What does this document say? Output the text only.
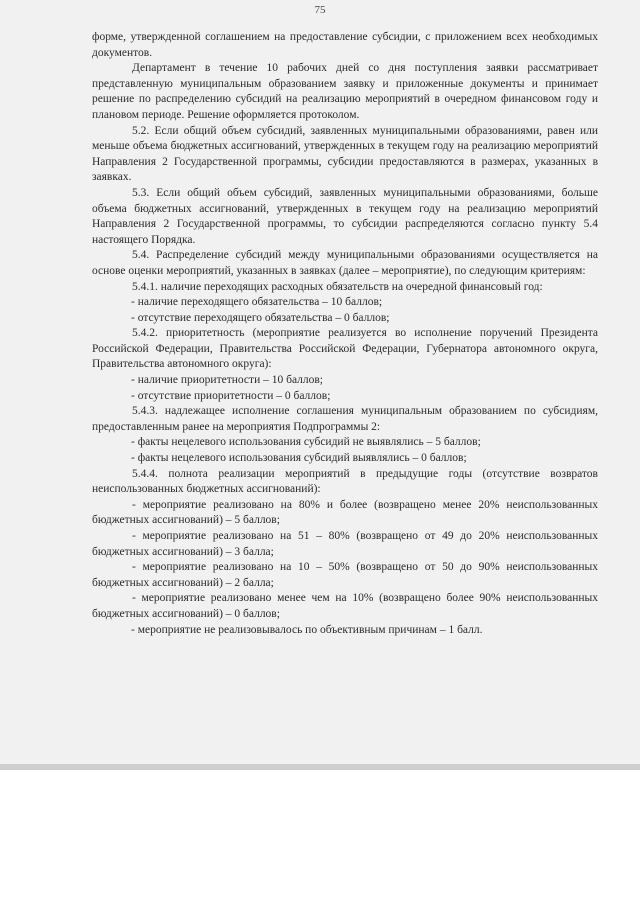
75

форме, утвержденной соглашением на предоставление субсидии, с приложением всех необходимых документов.

Департамент в течение 10 рабочих дней со дня поступления заявки рассматривает представленную муниципальным образованием заявку и приложенные документы и принимает решение по распределению субсидий на реализацию мероприятий в очередном финансовом году и плановом периоде. Решение оформляется протоколом.

5.2. Если общий объем субсидий, заявленных муниципальными образованиями, равен или меньше объема бюджетных ассигнований, утвержденных в текущем году на реализацию мероприятий Направления 2 Государственной программы, субсидии предоставляются в размерах, указанных в заявках.

5.3. Если общий объем субсидий, заявленных муниципальными образованиями, больше объема бюджетных ассигнований, утвержденных в текущем году на реализацию мероприятий Направления 2 Государственной программы, то субсидии распределяются согласно пункту 5.4 настоящего Порядка.

5.4. Распределение субсидий между муниципальными образованиями осуществляется на основе оценки мероприятий, указанных в заявках (далее – мероприятие), по следующим критериям:

5.4.1. наличие переходящих расходных обязательств на очередной финансовый год:

- наличие переходящего обязательства – 10 баллов;

- отсутствие переходящего обязательства – 0 баллов;

5.4.2. приоритетность (мероприятие реализуется во исполнение поручений Президента Российской Федерации, Правительства Российской Федерации, Губернатора автономного округа, Правительства автономного округа):

- наличие приоритетности – 10 баллов;

- отсутствие приоритетности – 0 баллов;

5.4.3. надлежащее исполнение соглашения муниципальным образованием по субсидиям, предоставленным ранее на мероприятия Подпрограммы 2:

- факты нецелевого использования субсидий не выявлялись – 5 баллов;

- факты нецелевого использования субсидий выявлялись – 0 баллов;

5.4.4. полнота реализации мероприятий в предыдущие годы (отсутствие возвратов неиспользованных бюджетных ассигнований):

- мероприятие реализовано на 80% и более (возвращено менее 20% неиспользованных бюджетных ассигнований) – 5 баллов;

- мероприятие реализовано на 51 – 80% (возвращено от 49 до 20% неиспользованных бюджетных ассигнований) – 3 балла;

- мероприятие реализовано на 10 – 50% (возвращено от 50 до 90% неиспользованных бюджетных ассигнований) – 2 балла;

- мероприятие реализовано менее чем на 10% (возвращено более 90% неиспользованных бюджетных ассигнований) – 0 баллов;

- мероприятие не реализовывалось по объективным причинам – 1 балл.
